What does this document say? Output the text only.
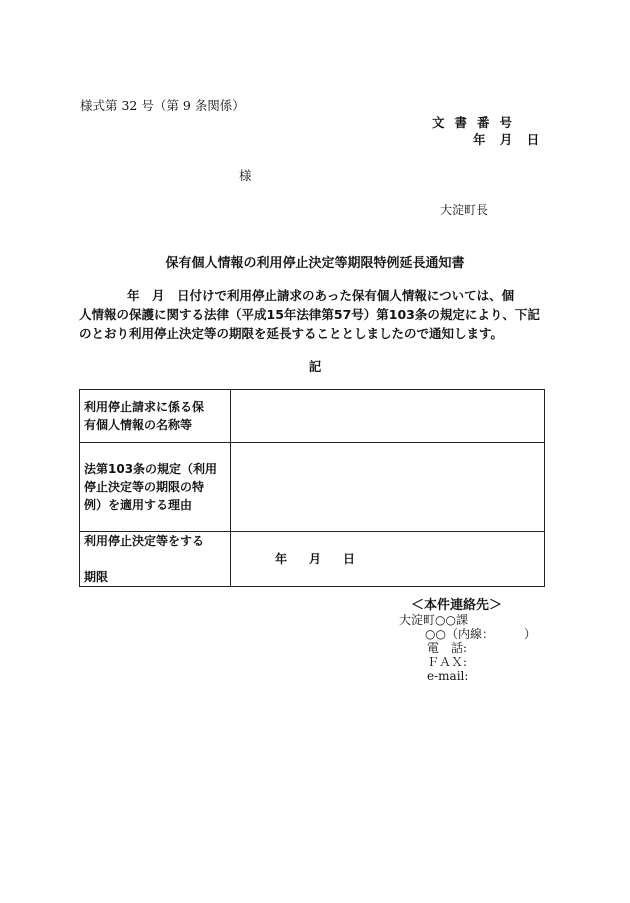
様式第 32 号（第 9 条関係）
文書番号
年 月 日
様
大淀町長
保有個人情報の利用停止決定等期限特例延長通知書
年　月　日付けで利用停止請求のあった保有個人情報については、個
人情報の保護に関する法律（平成15年法律第57号）第103条の規定により、下記
のとおり利用停止決定等の期限を延長することとしましたので通知します。
記
利用停止請求に係る保
有個人情報の名称等	
法第103条の規定（利用
停止決定等の期限の特
例）を適用する理由	
利用停止決定等をする

期限	年　月　日
＜本件連絡先＞
大淀町○○課
○○（内線：　　　）
電　話:
ＦＡＸ:
e-mail:
